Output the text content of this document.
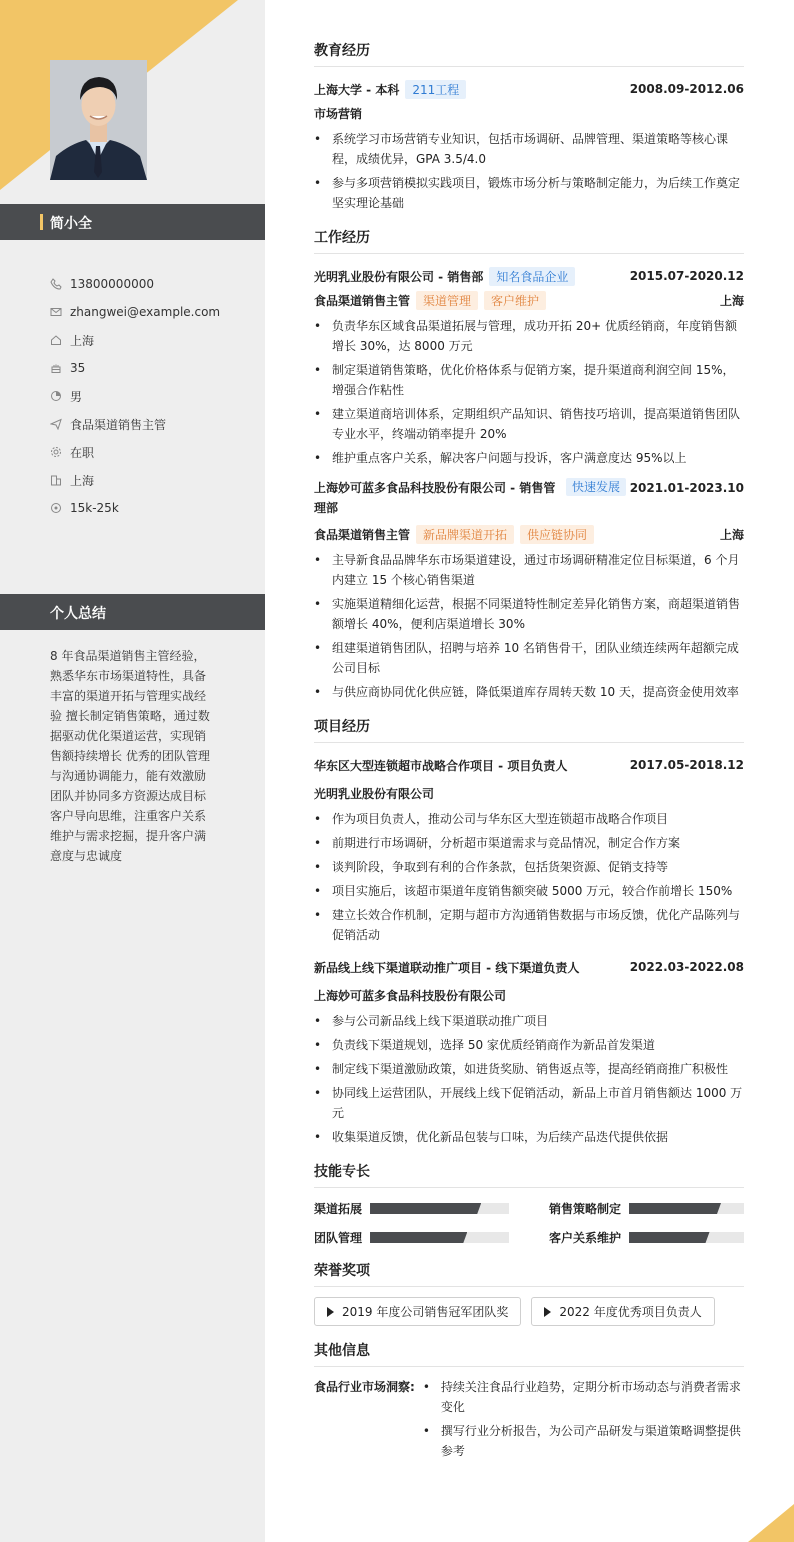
简小全
13800000000
zhangwei@example.com
上海
35
男
食品渠道销售主管
在职
上海
15k-25k
个人总结
8 年食品渠道销售主管经验，熟悉华东市场渠道特性，具备丰富的渠道开拓与管理实战经验 擅长制定销售策略，通过数据驱动优化渠道运营，实现销售额持续增长 优秀的团队管理与沟通协调能力，能有效激励团队并协同多方资源达成目标 客户导向思维，注重客户关系维护与需求挖掘，提升客户满意度与忠诚度
教育经历
上海大学 - 本科	211工程	2008.09-2012.06
市场营销
• 系统学习市场营销专业知识，包括市场调研、品牌管理、渠道策略等核心课程，成绩优异，GPA 3.5/4.0
• 参与多项营销模拟实践项目，锻炼市场分析与策略制定能力，为后续工作奠定坚实理论基础
工作经历
光明乳业股份有限公司 - 销售部	知名食品企业	2015.07-2020.12
食品渠道销售主管	渠道管理	客户维护	上海
• 负责华东区域食品渠道拓展与管理，成功开拓 20+ 优质经销商，年度销售额增长 30%，达 8000 万元
• 制定渠道销售策略，优化价格体系与促销方案，提升渠道商利润空间 15%，增强合作粘性
• 建立渠道商培训体系，定期组织产品知识、销售技巧培训，提高渠道销售团队专业水平，终端动销率提升 20%
• 维护重点客户关系，解决客户问题与投诉，客户满意度达 95%以上
上海妙可蓝多食品科技股份有限公司 - 销售管理部
快速发展 2021.01-2023.10
食品渠道销售主管	新品牌渠道开拓	供应链协同	上海
• 主导新食品品牌华东市场渠道建设，通过市场调研精准定位目标渠道，6 个月内建立 15 个核心销售渠道
• 实施渠道精细化运营，根据不同渠道特性制定差异化销售方案，商超渠道销售额增长 40%，便利店渠道增长 30%
• 组建渠道销售团队，招聘与培养 10 名销售骨干，团队业绩连续两年超额完成公司目标
• 与供应商协同优化供应链，降低渠道库存周转天数 10 天，提高资金使用效率
项目经历
华东区大型连锁超市战略合作项目 - 项目负责人	2017.05-2018.12
光明乳业股份有限公司
• 作为项目负责人，推动公司与华东区大型连锁超市战略合作项目
• 前期进行市场调研，分析超市渠道需求与竞品情况，制定合作方案
• 谈判阶段，争取到有利的合作条款，包括货架资源、促销支持等
• 项目实施后，该超市渠道年度销售额突破 5000 万元，较合作前增长 150%
• 建立长效合作机制，定期与超市方沟通销售数据与市场反馈，优化产品陈列与促销活动
新品线上线下渠道联动推广项目 - 线下渠道负责人	2022.03-2022.08
上海妙可蓝多食品科技股份有限公司
• 参与公司新品线上线下渠道联动推广项目
• 负责线下渠道规划，选择 50 家优质经销商作为新品首发渠道
• 制定线下渠道激励政策，如进货奖励、销售返点等，提高经销商推广积极性
• 协同线上运营团队，开展线上线下促销活动，新品上市首月销售额达 1000 万元
• 收集渠道反馈，优化新品包装与口味，为后续产品迭代提供依据
技能专长
渠道拓展	销售策略制定
团队管理	客户关系维护
荣誉奖项
2019 年度公司销售冠军团队奖	2022 年度优秀项目负责人
其他信息
食品行业市场洞察:
•	持续关注食品行业趋势，定期分析市场动态与消费者需求变化
• 撰写行业分析报告，为公司产品研发与渠道策略调整提供参考
